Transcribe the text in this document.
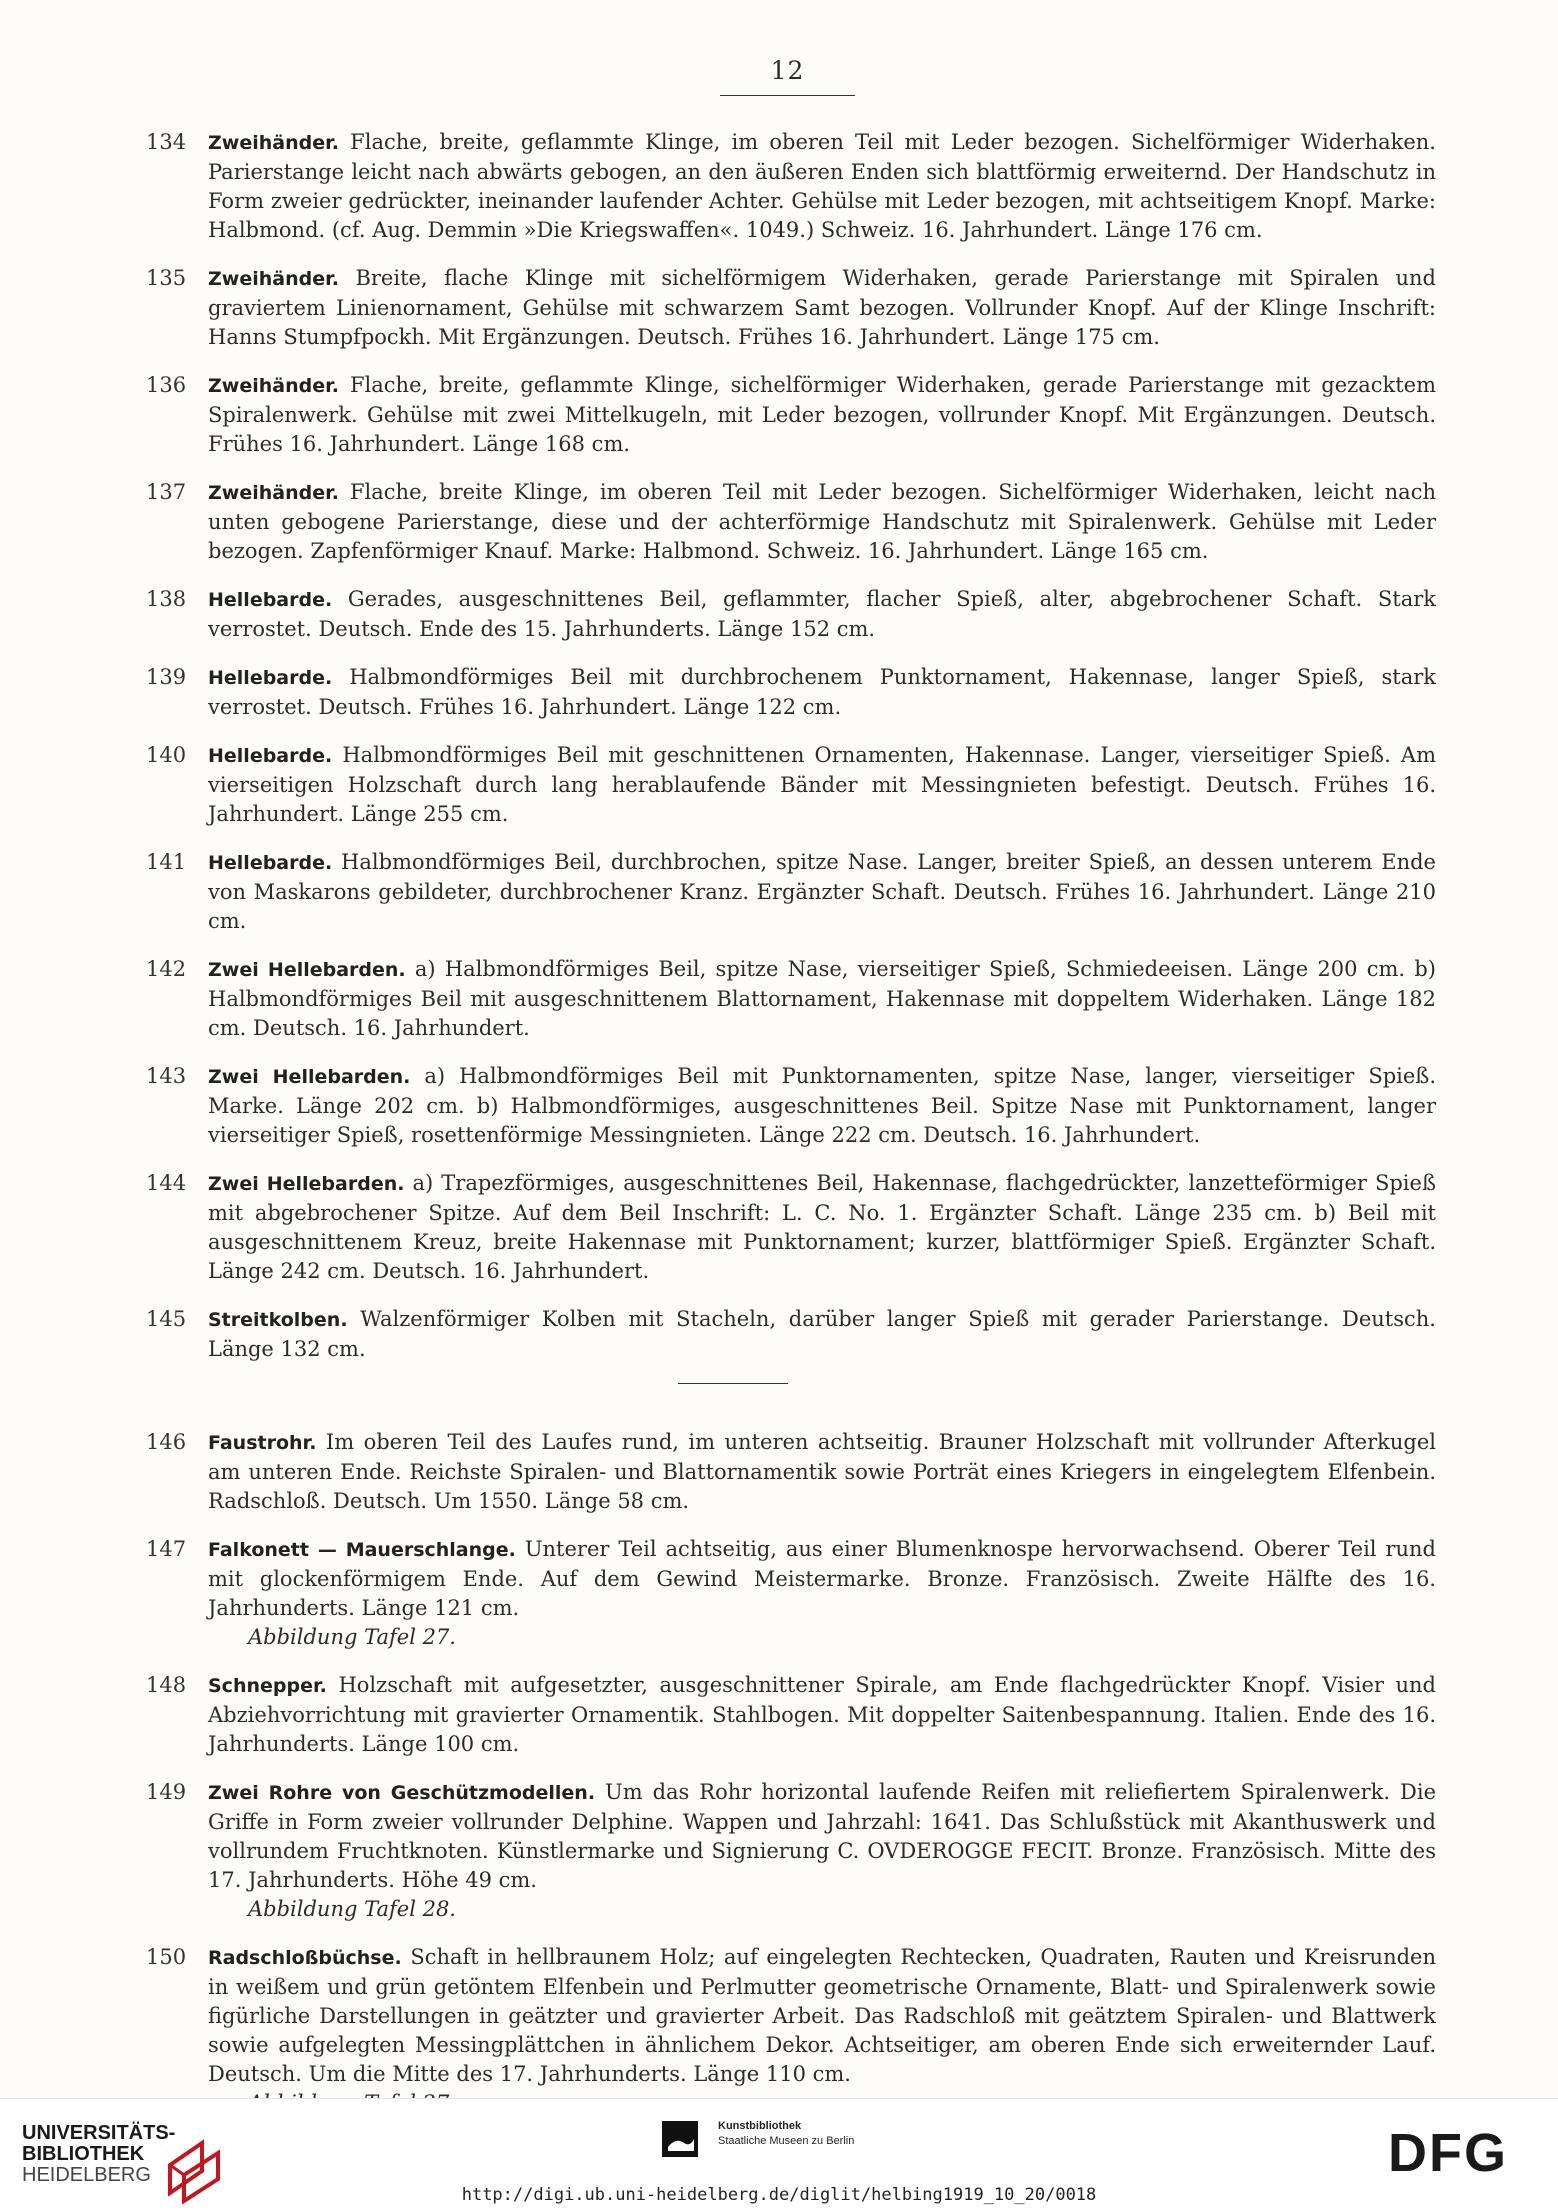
12
134	Zweihänder. Flache, breite, geflammte Klinge, im oberen Teil mit Leder bezogen. Sichelförmiger Widerhaken. Parierstange leicht nach abwärts gebogen, an den äußeren Enden sich blattförmig erweiternd. Der Handschutz in Form zweier gedrückter, ineinander laufender Achter. Gehülse mit Leder bezogen, mit achtseitigem Knopf. Marke: Halbmond. (cf. Aug. Demmin »Die Kriegswaffen«. 1049.) Schweiz. 16. Jahrhundert. Länge 176 cm.
135	Zweihänder. Breite, flache Klinge mit sichelförmigem Widerhaken, gerade Parierstange mit Spiralen und graviertem Linienornament, Gehülse mit schwarzem Samt bezogen. Vollrunder Knopf. Auf der Klinge Inschrift: Hanns Stumpfpockh. Mit Ergänzungen. Deutsch. Frühes 16. Jahrhundert. Länge 175 cm.
136	Zweihänder. Flache, breite, geflammte Klinge, sichelförmiger Widerhaken, gerade Parierstange mit gezacktem Spiralenwerk. Gehülse mit zwei Mittelkugeln, mit Leder bezogen, vollrunder Knopf. Mit Ergänzungen. Deutsch. Frühes 16. Jahrhundert. Länge 168 cm.
137	Zweihänder. Flache, breite Klinge, im oberen Teil mit Leder bezogen. Sichelförmiger Widerhaken, leicht nach unten gebogene Parierstange, diese und der achterförmige Handschutz mit Spiralenwerk. Gehülse mit Leder bezogen. Zapfenförmiger Knauf. Marke: Halbmond. Schweiz. 16. Jahrhundert. Länge 165 cm.
138	Hellebarde. Gerades, ausgeschnittenes Beil, geflammter, flacher Spieß, alter, abgebrochener Schaft. Stark verrostet. Deutsch. Ende des 15. Jahrhunderts. Länge 152 cm.
139	Hellebarde. Halbmondförmiges Beil mit durchbrochenem Punktornament, Hakennase, langer Spieß, stark verrostet. Deutsch. Frühes 16. Jahrhundert. Länge 122 cm.
140	Hellebarde. Halbmondförmiges Beil mit geschnittenen Ornamenten, Hakennase. Langer, vierseitiger Spieß. Am vierseitigen Holzschaft durch lang herablaufende Bänder mit Messingnieten befestigt. Deutsch. Frühes 16. Jahrhundert. Länge 255 cm.
141	Hellebarde. Halbmondförmiges Beil, durchbrochen, spitze Nase. Langer, breiter Spieß, an dessen unterem Ende von Maskarons gebildeter, durchbrochener Kranz. Ergänzter Schaft. Deutsch. Frühes 16. Jahrhundert. Länge 210 cm.
142	Zwei Hellebarden. a) Halbmondförmiges Beil, spitze Nase, vierseitiger Spieß, Schmiedeeisen. Länge 200 cm. b) Halbmondförmiges Beil mit ausgeschnittenem Blattornament, Hakennase mit doppeltem Widerhaken. Länge 182 cm. Deutsch. 16. Jahrhundert.
143	Zwei Hellebarden. a) Halbmondförmiges Beil mit Punktornamenten, spitze Nase, langer, vierseitiger Spieß. Marke. Länge 202 cm. b) Halbmondförmiges, ausgeschnittenes Beil. Spitze Nase mit Punktornament, langer vierseitiger Spieß, rosettenförmige Messingnieten. Länge 222 cm. Deutsch. 16. Jahrhundert.
144	Zwei Hellebarden. a) Trapezförmiges, ausgeschnittenes Beil, Hakennase, flachgedrückter, lanzetteförmiger Spieß mit abgebrochener Spitze. Auf dem Beil Inschrift: L. C. No. 1. Ergänzter Schaft. Länge 235 cm. b) Beil mit ausgeschnittenem Kreuz, breite Hakennase mit Punktornament; kurzer, blattförmiger Spieß. Ergänzter Schaft. Länge 242 cm. Deutsch. 16. Jahrhundert.
145	Streitkolben. Walzenförmiger Kolben mit Stacheln, darüber langer Spieß mit gerader Parierstange. Deutsch. Länge 132 cm.
146	Faustrohr. Im oberen Teil des Laufes rund, im unteren achtseitig. Brauner Holzschaft mit vollrunder Afterkugel am unteren Ende. Reichste Spiralen- und Blattornamentik sowie Porträt eines Kriegers in eingelegtem Elfenbein. Radschloß. Deutsch. Um 1550. Länge 58 cm.
147	Falkonett — Mauerschlange. Unterer Teil achtseitig, aus einer Blumenknospe hervorwachsend. Oberer Teil rund mit glockenförmigem Ende. Auf dem Gewind Meistermarke. Bronze. Französisch. Zweite Hälfte des 16. Jahrhunderts. Länge 121 cm.
Abbildung Tafel 27.
148	Schnepper. Holzschaft mit aufgesetzter, ausgeschnittener Spirale, am Ende flachgedrückter Knopf. Visier und Abziehvorrichtung mit gravierter Ornamentik. Stahlbogen. Mit doppelter Saitenbespannung. Italien. Ende des 16. Jahrhunderts. Länge 100 cm.
149	Zwei Rohre von Geschützmodellen. Um das Rohr horizontal laufende Reifen mit reliefiertem Spiralenwerk. Die Griffe in Form zweier vollrunder Delphine. Wappen und Jahrzahl: 1641. Das Schlußstück mit Akanthuswerk und vollrundem Fruchtknoten. Künstlermarke und Signierung C. OVDEROGGE FECIT. Bronze. Französisch. Mitte des 17. Jahrhunderts. Höhe 49 cm.
Abbildung Tafel 28.
150	Radschloßbüchse. Schaft in hellbraunem Holz; auf eingelegten Rechtecken, Quadraten, Rauten und Kreisrunden in weißem und grün getöntem Elfenbein und Perlmutter geometrische Ornamente, Blatt- und Spiralenwerk sowie figürliche Darstellungen in geätzter und gravierter Arbeit. Das Radschloß mit geätztem Spiralen- und Blattwerk sowie aufgelegten Messingplättchen in ähnlichem Dekor. Achtseitiger, am oberen Ende sich erweiternder Lauf. Deutsch. Um die Mitte des 17. Jahrhunderts. Länge 110 cm.
UNIVERSITÄTS-
BIBLIOTHEK
HEIDELBERG
Kunstbibliothek
Staatliche Museen zu Berlin	DFG
http://digi.ub.uni-heidelberg.de/diglit/helbing1919_10_20/0018
